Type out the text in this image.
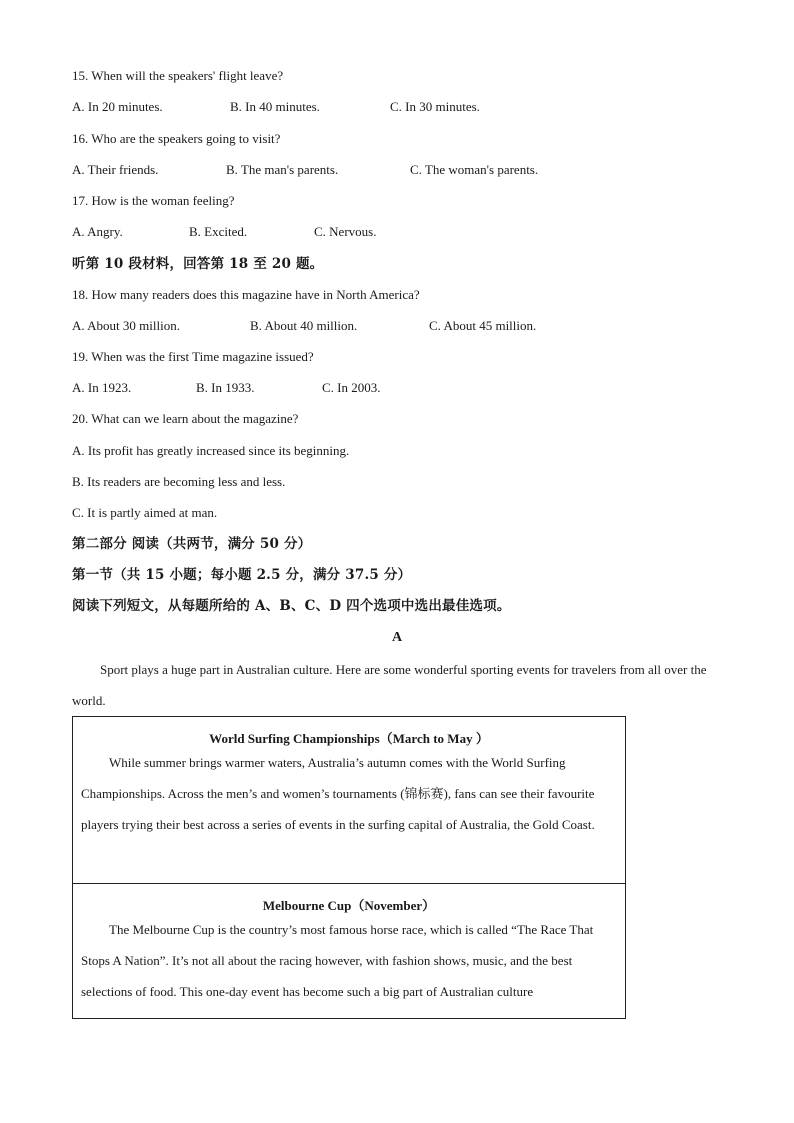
15. When will the speakers' flight leave?
A. In 20 minutes.	B. In 40 minutes.	C. In 30 minutes.
16. Who are the speakers going to visit?
A. Their friends.	B. The man's parents.	C. The woman's parents.
17. How is the woman feeling?
A. Angry.	B. Excited.	C. Nervous.
听第 10 段材料，回答第 18 至 20 题。
18. How many readers does this magazine have in North America?
A. About 30 million.	B. About 40 million.	C. About 45 million.
19. When was the first Time magazine issued?
A. In 1923.	B. In 1933.	C. In 2003.
20. What can we learn about the magazine?
A. Its profit has greatly increased since its beginning.
B. Its readers are becoming less and less.
C. It is partly aimed at man.
第二部分 阅读（共两节，满分 50 分）
第一节（共 15 小题；每小题 2.5 分，满分 37.5 分）
阅读下列短文，从每题所给的 A、B、C、D 四个选项中选出最佳选项。
A
Sport plays a huge part in Australian culture. Here are some wonderful sporting events for travelers from all over the world.
World Surfing Championships（March to May ）
While summer brings warmer waters, Australia’s autumn comes with the World Surfing Championships. Across the men’s and women’s tournaments (锦标赛), fans can see their favourite players trying their best across a series of events in the surfing capital of Australia, the Gold Coast.
Melbourne Cup（November）
The Melbourne Cup is the country’s most famous horse race, which is called “The Race That Stops A Nation”. It’s not all about the racing however, with fashion shows, music, and the best selections of food. This one-day event has become such a big part of Australian culture
